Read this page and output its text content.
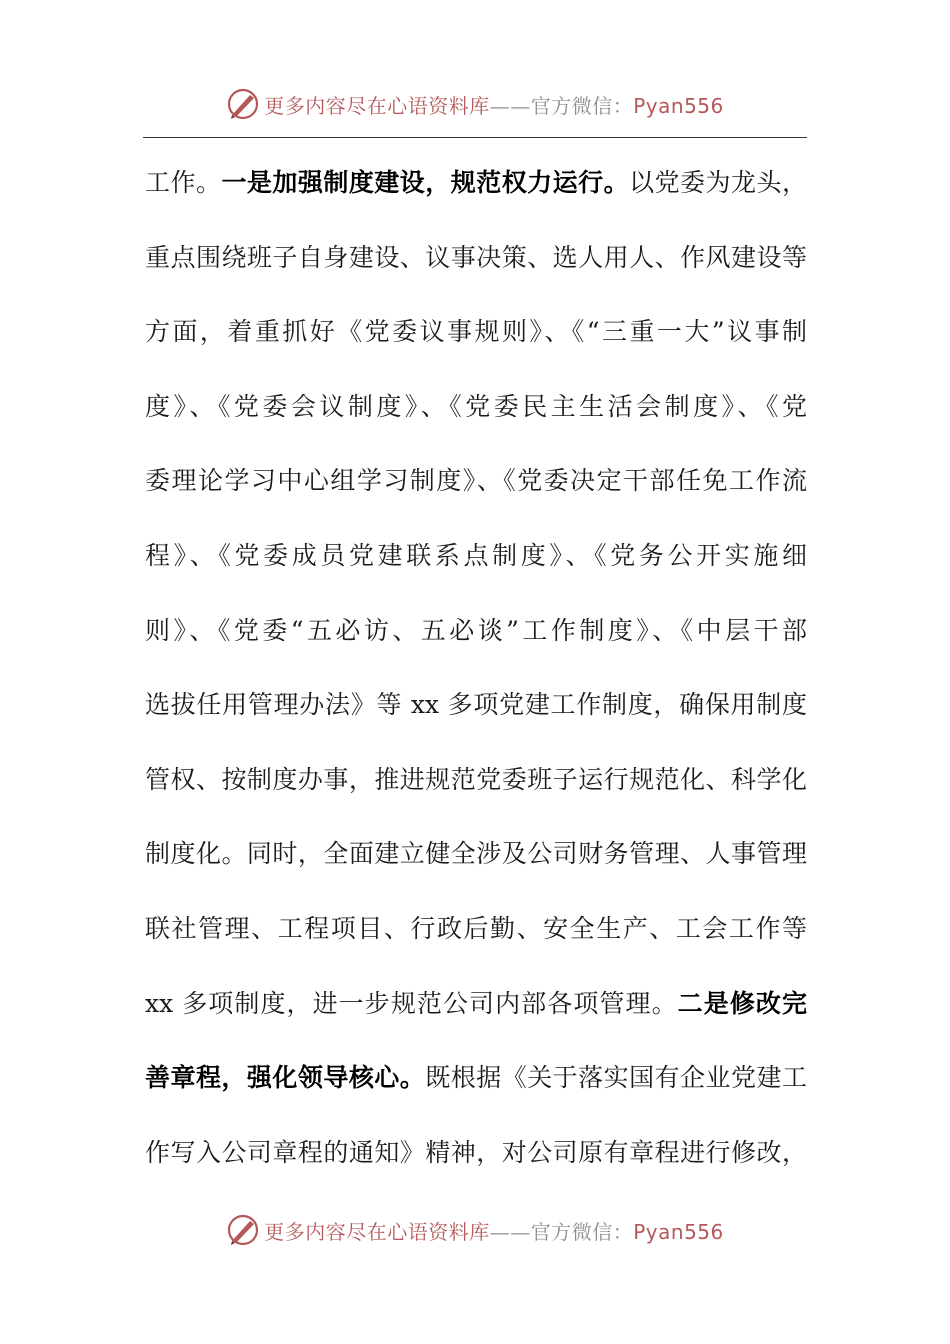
更多内容尽在心语资料库——官方微信：Pyan556
工作。一是加强制度建设，规范权力运行。以党委为龙头，
重点围绕班子自身建设、议事决策、选人用人、作风建设等
方面，着重抓好《党委议事规则》、《“三重一大”议事制
度》、《党委会议制度》、《党委民主生活会制度》、《党
委理论学习中心组学习制度》、《党委决定干部任免工作流
程》、《党委成员党建联系点制度》、《党务公开实施细
则》、《党委“五必访、五必谈”工作制度》、《中层干部
选拔任用管理办法》等 xx 多项党建工作制度，确保用制度
管权、按制度办事，推进规范党委班子运行规范化、科学化
制度化。同时，全面建立健全涉及公司财务管理、人事管理
联社管理、工程项目、行政后勤、安全生产、工会工作等
xx 多项制度，进一步规范公司内部各项管理。二是修改完
善章程，强化领导核心。既根据《关于落实国有企业党建工
作写入公司章程的通知》精神，对公司原有章程进行修改，
更多内容尽在心语资料库——官方微信：Pyan556
